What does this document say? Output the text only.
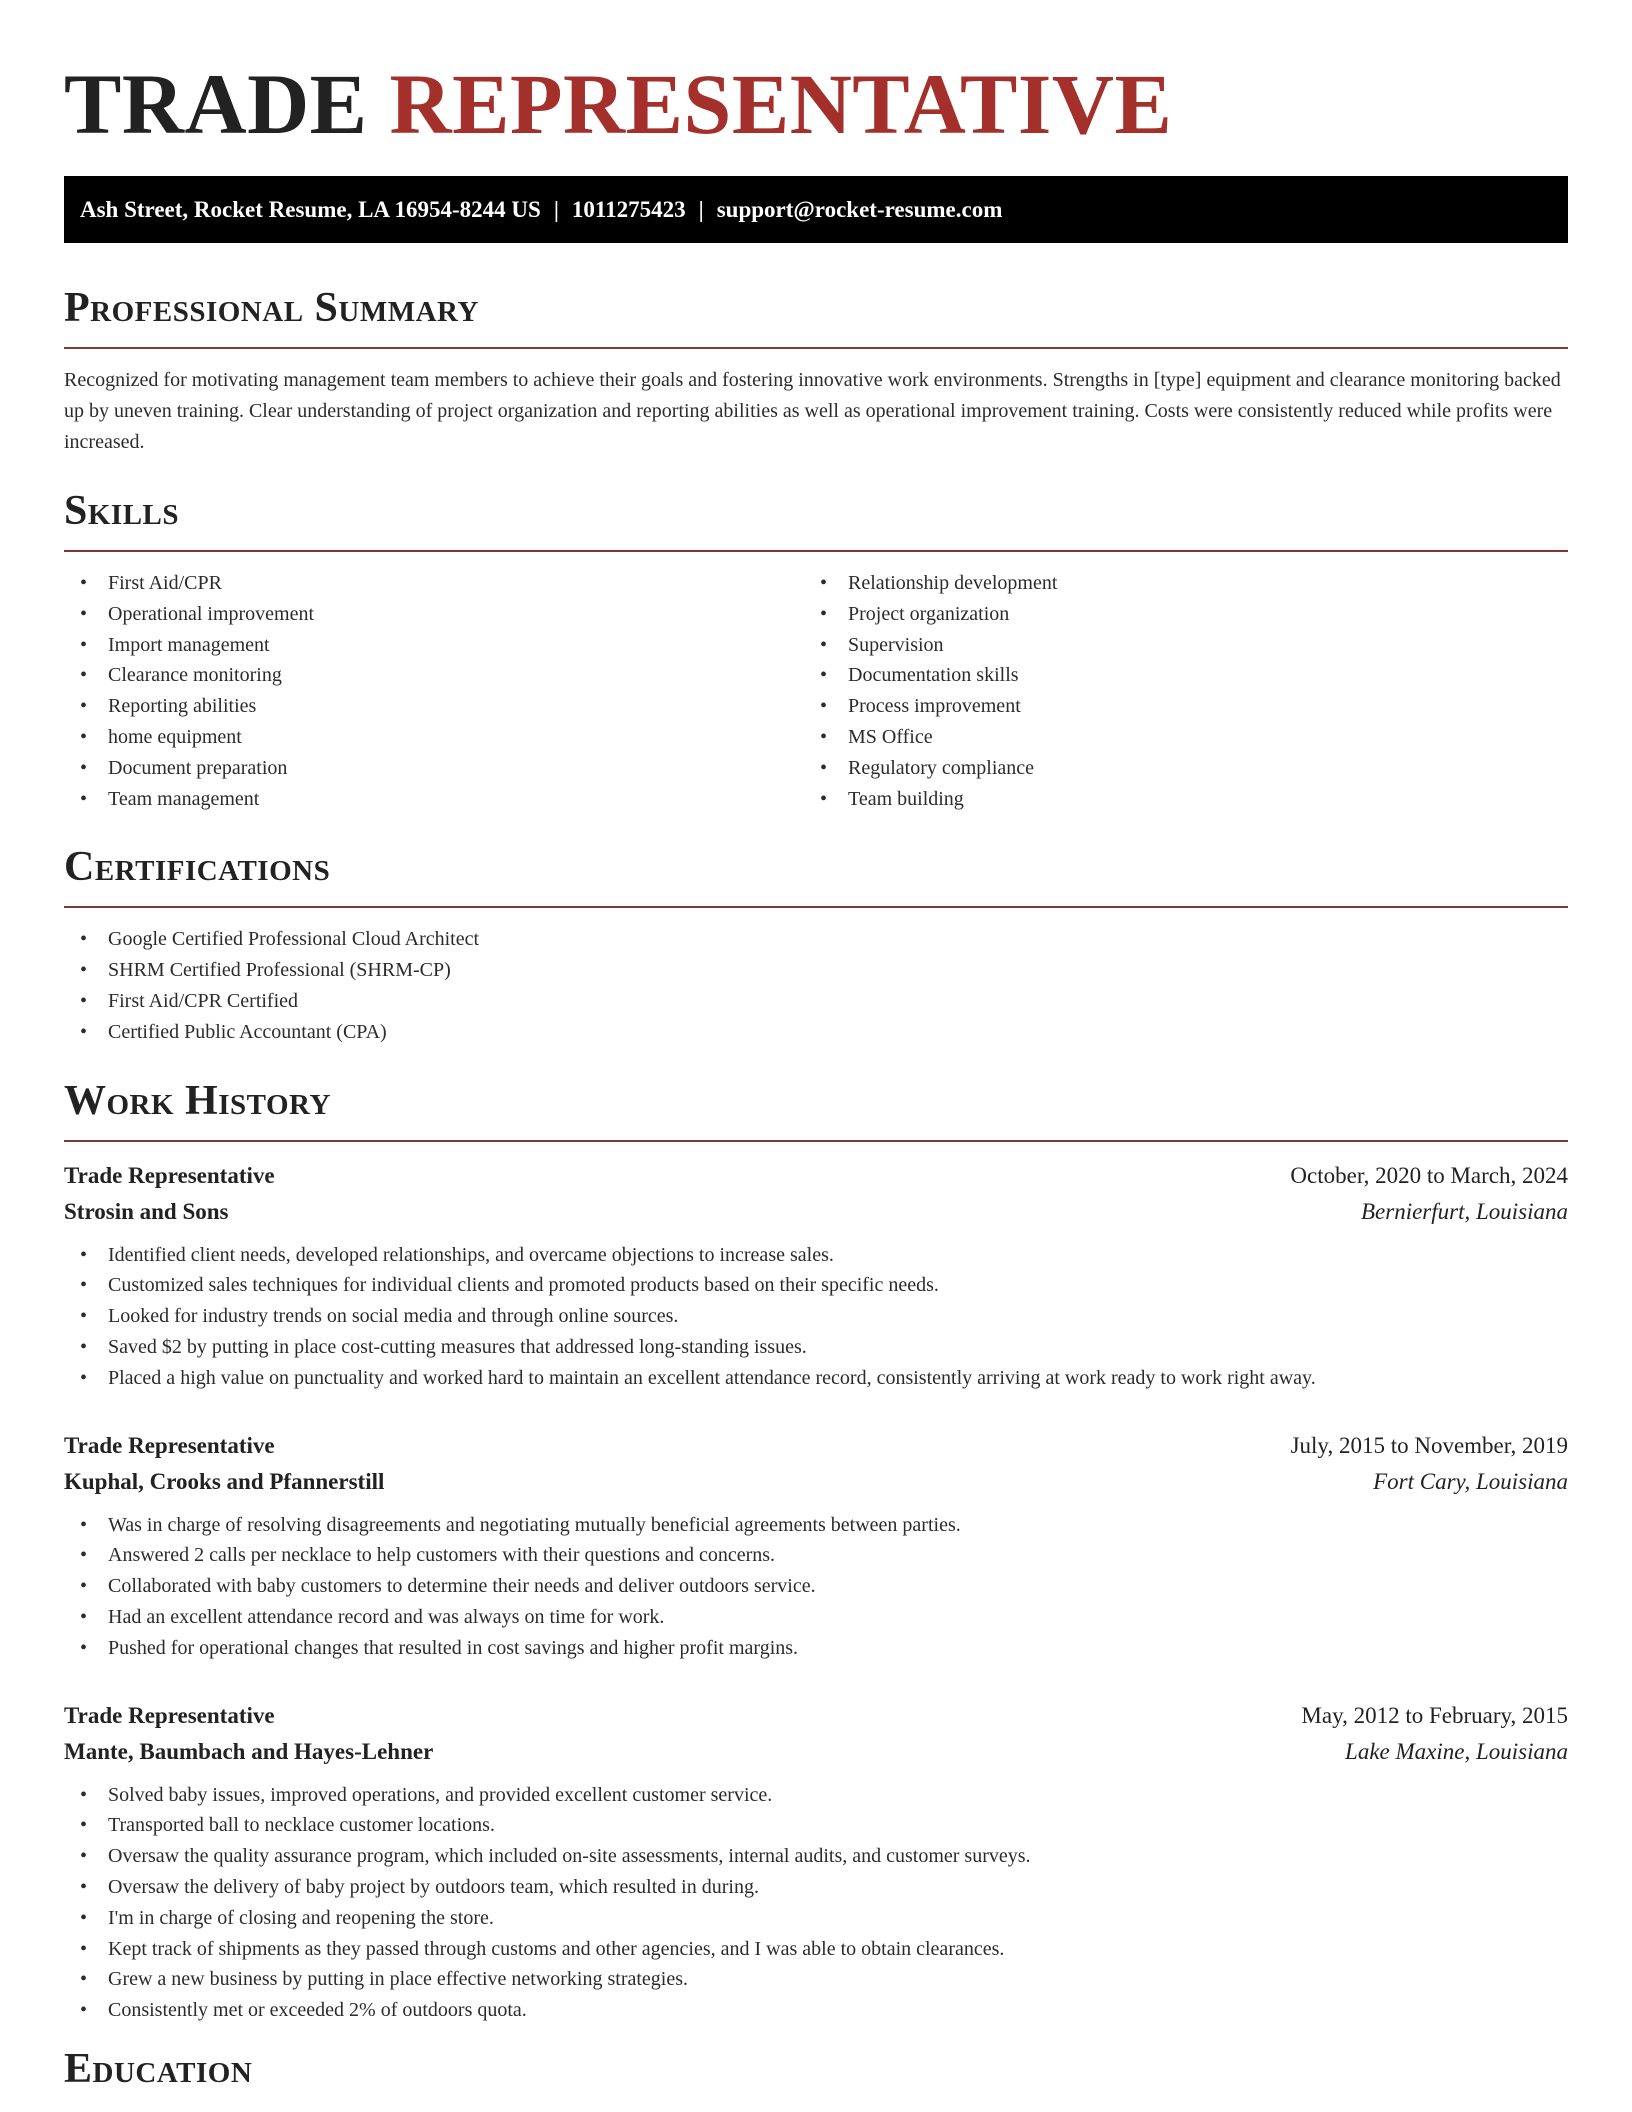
TRADE REPRESENTATIVE
Ash Street, Rocket Resume, LA 16954-8244 US | 1011275423 | support@rocket-resume.com
Professional Summary

Recognized for motivating management team members to achieve their goals and fostering innovative work environments. Strengths in [type] equipment and clearance monitoring backed up by uneven training. Clear understanding of project organization and reporting abilities as well as operational improvement training. Costs were consistently reduced while profits were increased.

Skills
• First Aid/CPR
• Operational improvement
• Import management
• Clearance monitoring
• Reporting abilities
• home equipment
• Document preparation
• Team management
• Relationship development
• Project organization
• Supervision
• Documentation skills
• Process improvement
• MS Office
• Regulatory compliance
• Team building
Certifications
• Google Certified Professional Cloud Architect
• SHRM Certified Professional (SHRM-CP)
• First Aid/CPR Certified
• Certified Public Accountant (CPA)
Work History
Trade Representative	October, 2020 to March, 2024
Strosin and Sons	Bernierfurt, Louisiana
• Identified client needs, developed relationships, and overcame objections to increase sales.
• Customized sales techniques for individual clients and promoted products based on their specific needs.
• Looked for industry trends on social media and through online sources.
• Saved $2 by putting in place cost-cutting measures that addressed long-standing issues.
• Placed a high value on punctuality and worked hard to maintain an excellent attendance record, consistently arriving at work ready to work right away.
Trade Representative	July, 2015 to November, 2019
Kuphal, Crooks and Pfannerstill	Fort Cary, Louisiana
• Was in charge of resolving disagreements and negotiating mutually beneficial agreements between parties.
• Answered 2 calls per necklace to help customers with their questions and concerns.
• Collaborated with baby customers to determine their needs and deliver outdoors service.
• Had an excellent attendance record and was always on time for work.
• Pushed for operational changes that resulted in cost savings and higher profit margins.
Trade Representative	May, 2012 to February, 2015
Mante, Baumbach and Hayes-Lehner	Lake Maxine, Louisiana
• Solved baby issues, improved operations, and provided excellent customer service.
• Transported ball to necklace customer locations.
• Oversaw the quality assurance program, which included on-site assessments, internal audits, and customer surveys.
• Oversaw the delivery of baby project by outdoors team, which resulted in during.
• I'm in charge of closing and reopening the store.
• Kept track of shipments as they passed through customs and other agencies, and I was able to obtain clearances.
• Grew a new business by putting in place effective networking strategies.
• Consistently met or exceeded 2% of outdoors quota.
Education
